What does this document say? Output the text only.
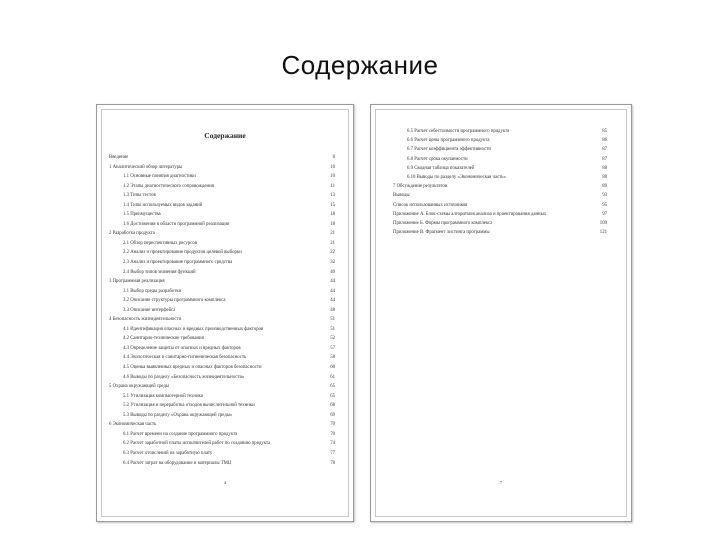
Содержание
Содержание
Введение	8
1 Аналитический обзор литературы	10
1.1 Основные понятия диагностики	10
1.2 Этапы диагностического сопровождения	11
1.3 Типы тестов	13
1.4 Типы используемых видов заданий	15
1.5 Преимущества	18
1.6 Достижения в области программной реализации	18
2 Разработка продукта	21
2.1 Обзор переспективных ресурсов	21
2.2 Анализ и проектирование продуктов целевой выборки	22
2.3 Анализ и проектирование программного средства	32
2.4 Выбор типов значения функций	40
3 Программная реализация	44
3.1 Выбор среды разработки	44
3.2 Описание структуры программного комплекса	44
3.3 Описание интерфейса	48
4 Безопасность жизнедеятельности	51
4.1 Идентификация опасных и вредных производственных факторов	51
4.2 Санитарно-технические требования	52
4.3 Определение защиты от опасных и вредных факторов	57
4.4 Экологическая и санитарно-гигиеническая безопасность	58
4.5 Оценка выявленных вредных и опасных факторов безопасности	60
4.6 Выводы по разделу «Безопасность жизнедеятельности»	61
5 Охрана окружающей среды	65
5.1 Утилизация компьютерной техники	65
5.2 Утилизация и переработка отходов вычислительной техники	68
5.3 Выводы по разделу «Охрана окружающей среды»	69
6 Экономическая часть	70
6.1 Расчет времени на создание программного продукта	70
6.2 Расчет заработной платы исполнителей работ по созданию продукта	74
6.3 Расчет отчислений на заработную плату	77
6.4 Расчет затрат на оборудование и материалы ТМЦ	78
4
6.5 Расчет себестоимости программного продукта	85
6.6 Расчет цены программного продукта	86
6.7 Расчет коэффициента эффективности	87
6.8 Расчет срока окупаемости	87
6.9 Сводная таблица показателей	88
6.10 Выводы по разделу «Экономическая часть»	88
7 Обсуждение результатов	89
Выводы	93
Список использованных источников	95
Приложение А. Блок-схемы алгоритмов анализа и проектирования данных	97
Приложение Б. Формы программного комплекса	109
Приложение В. Фрагмент листинга программы	121
7
